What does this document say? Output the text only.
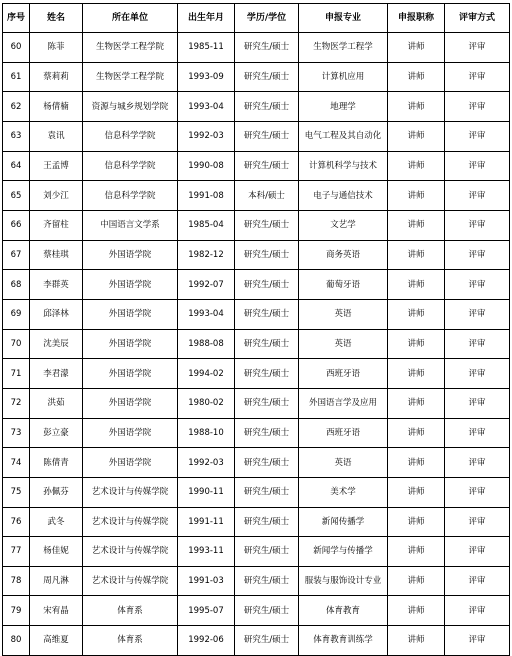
序号	姓名	所在单位	出生年月	学历/学位	申报专业	申报职称	评审方式
60	陈菲	生物医学工程学院	1985-11	研究生/硕士	生物医学工程学	讲师	评审
61	蔡莉莉	生物医学工程学院	1993-09	研究生/硕士	计算机应用	讲师	评审
62	杨倩楠	资源与城乡规划学院	1993-04	研究生/硕士	地理学	讲师	评审
63	袁讯	信息科学学院	1992-03	研究生/硕士	电气工程及其自动化	讲师	评审
64	王孟博	信息科学学院	1990-08	研究生/硕士	计算机科学与技术	讲师	评审
65	刘少江	信息科学学院	1991-08	本科/硕士	电子与通信技术	讲师	评审
66	齐留柱	中国语言文学系	1985-04	研究生/硕士	文艺学	讲师	评审
67	蔡桂琪	外国语学院	1982-12	研究生/硕士	商务英语	讲师	评审
68	李群英	外国语学院	1992-07	研究生/硕士	葡萄牙语	讲师	评审
69	邱泽林	外国语学院	1993-04	研究生/硕士	英语	讲师	评审
70	沈美辰	外国语学院	1988-08	研究生/硕士	英语	讲师	评审
71	李君濛	外国语学院	1994-02	研究生/硕士	西班牙语	讲师	评审
72	洪茹	外国语学院	1980-02	研究生/硕士	外国语言学及应用	讲师	评审
73	彭立豪	外国语学院	1988-10	研究生/硕士	西班牙语	讲师	评审
74	陈倩青	外国语学院	1992-03	研究生/硕士	英语	讲师	评审
75	孙佩芬	艺术设计与传媒学院	1990-11	研究生/硕士	美术学	讲师	评审
76	武冬	艺术设计与传媒学院	1991-11	研究生/硕士	新闻传播学	讲师	评审
77	杨佳妮	艺术设计与传媒学院	1993-11	研究生/硕士	新闻学与传播学	讲师	评审
78	周凡淋	艺术设计与传媒学院	1991-03	研究生/硕士	服装与服饰设计专业	讲师	评审
79	宋宥晶	体育系	1995-07	研究生/硕士	体育教育	讲师	评审
80	高维夏	体育系	1992-06	研究生/硕士	体育教育训练学	讲师	评审
